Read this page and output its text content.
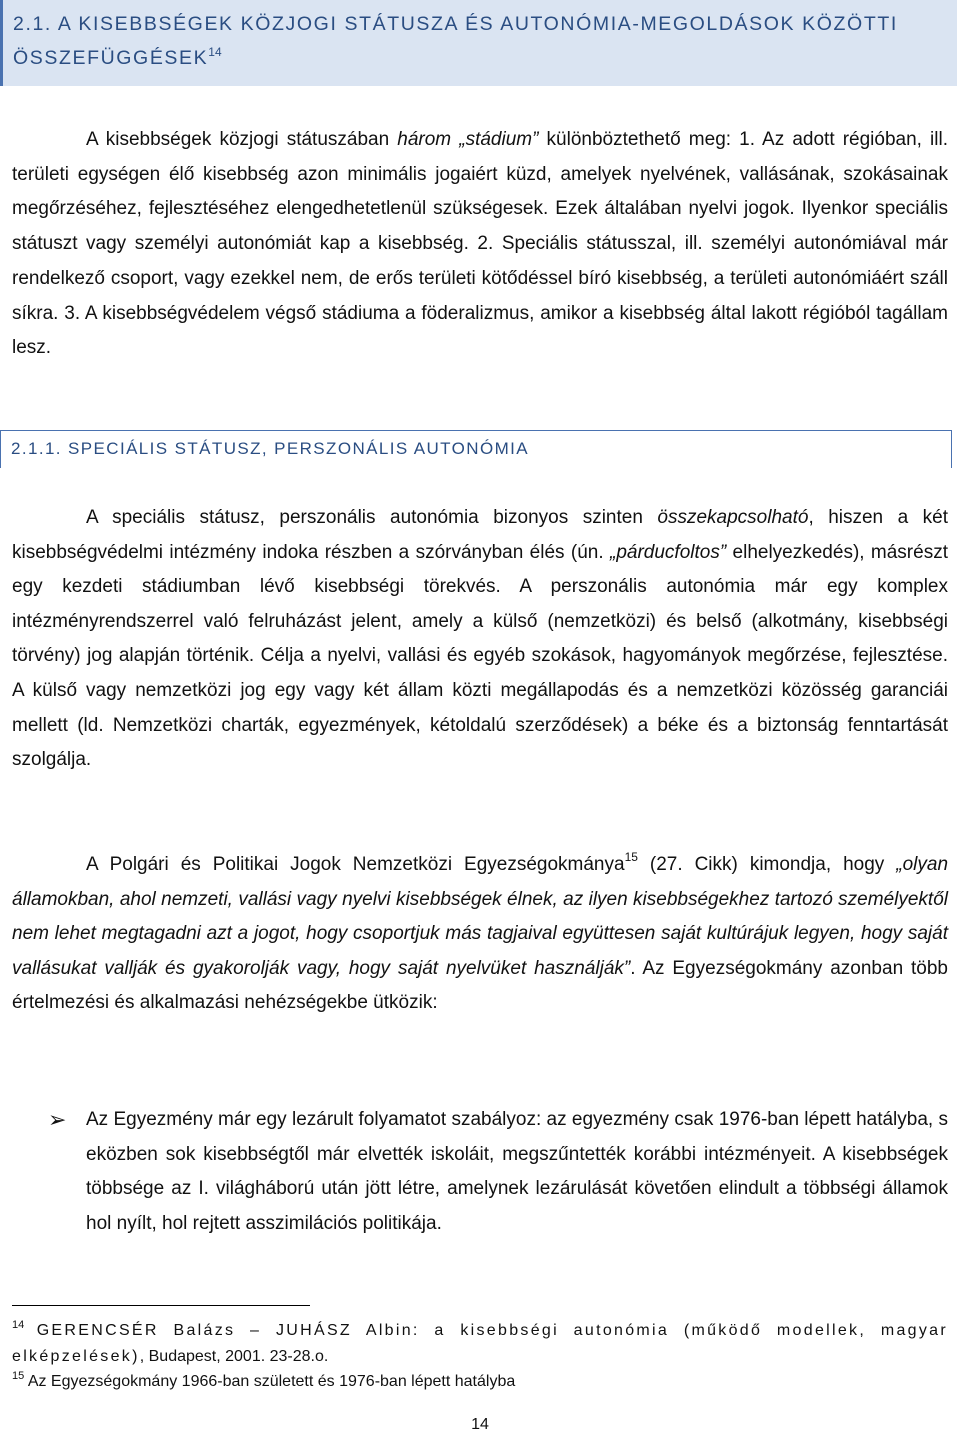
2.1. A KISEBBSÉGEK KÖZJOGI STÁTUSZA ÉS AUTONÓMIA-MEGOLDÁSOK KÖZÖTTI
ÖSSZEFÜGGÉSEK$^{14}$

A kisebbségek közjogi státuszában három „stádium” különböztethető meg: 1. Az adott régióban, ill. területi egységen élő kisebbség azon minimális jogaiért küzd, amelyek nyelvének, vallásának, szokásainak megőrzéséhez, fejlesztéséhez elengedhetetlenül szükségesek. Ezek általában nyelvi jogok. Ilyenkor speciális státuszt vagy személyi autonómiát kap a kisebbség. 2. Speciális státusszal, ill. személyi autonómiával már rendelkező csoport, vagy ezekkel nem, de erős területi kötődéssel bíró kisebbség, a területi autonómiáért száll síkra. 3. A kisebbségvédelem végső stádiuma a föderalizmus, amikor a kisebbség által lakott régióból tagállam lesz.

2.1.1. SPECIÁLIS STÁTUSZ, PERSZONÁLIS AUTONÓMIA

A speciális státusz, perszonális autonómia bizonyos szinten összekapcsolható, hiszen a két kisebbségvédelmi intézmény indoka részben a szórványban élés (ún. „párducfoltos” elhelyezkedés), másrészt egy kezdeti stádiumban lévő kisebbségi törekvés. A perszonális autonómia már egy komplex intézményrendszerrel való felruházást jelent, amely a külső (nemzetközi) és belső (alkotmány, kisebbségi törvény) jog alapján történik. Célja a nyelvi, vallási és egyéb szokások, hagyományok megőrzése, fejlesztése. A külső vagy nemzetközi jog egy vagy két állam közti megállapodás és a nemzetközi közösség garanciái mellett (ld. Nemzetközi charták, egyezmények, kétoldalú szerződések) a béke és a biztonság fenntartását szolgálja.

A Polgári és Politikai Jogok Nemzetközi Egyezségokmánya$^{15}$ (27. Cikk) kimondja, hogy „olyan államokban, ahol nemzeti, vallási vagy nyelvi kisebbségek élnek, az ilyen kisebbségekhez tartozó személyektől nem lehet megtagadni azt a jogot, hogy csoportjuk más tagjaival együttesen saját kultúrájuk legyen, hogy saját vallásukat vallják és gyakorolják vagy, hogy saját nyelvüket használják”. Az Egyezségokmány azonban több értelmezési és alkalmazási nehézségekbe ütközik:

➢ Az Egyezmény már egy lezárult folyamatot szabályoz: az egyezmény csak 1976-ban lépett hatályba, s eközben sok kisebbségtől már elvették iskoláit, megszűntették korábbi intézményeit. A kisebbségek többsége az I. világháború után jött létre, amelynek lezárulását követően elindult a többségi államok hol nyílt, hol rejtett asszimilációs politikája.

$^{14}$ GERENCSÉR Balázs – JUHÁSZ Albin: a kisebbségi autonómia (működő modellek, magyar elképzelések), Budapest, 2001. 23-28.o.

$^{15}$ Az Egyezségokmány 1966-ban született és 1976-ban lépett hatályba

14
